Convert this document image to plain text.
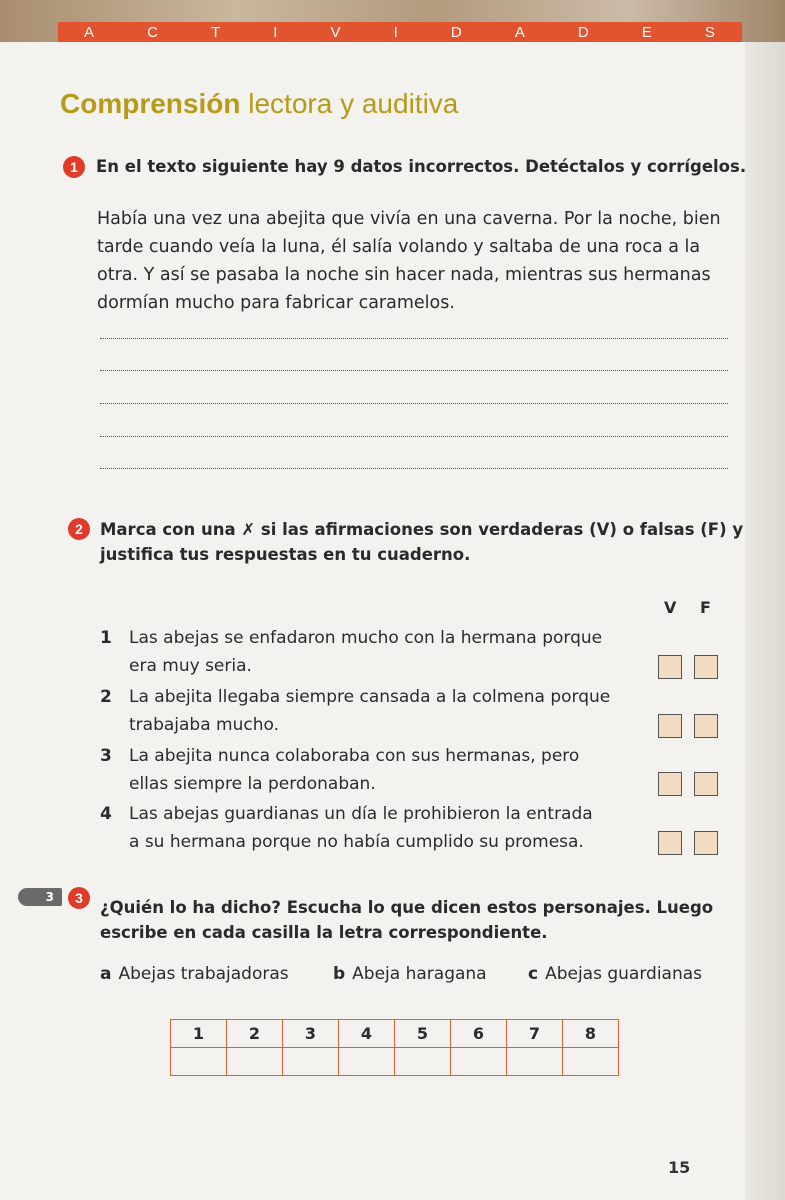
A	C	T	I	V	I	D	A	D	E	S
Comprensión lectora y auditiva
1	En el texto siguiente hay 9 datos incorrectos. Detéctalos y corrígelos.
Había una vez una abejita que vivía en una caverna. Por la noche, bien
tarde cuando veía la luna, él salía volando y saltaba de una roca a la
otra. Y así se pasaba la noche sin hacer nada, mientras sus hermanas
dormían mucho para fabricar caramelos.
2	Marca con una ✗ si las afirmaciones son verdaderas (V) o falsas (F) y
justifica tus respuestas en tu cuaderno.
V F
1 Las abejas se enfadaron mucho con la hermana porque
era muy seria.
2 La abejita llegaba siempre cansada a la colmena porque
trabajaba mucho.
3 La abejita nunca colaboraba con sus hermanas, pero
ellas siempre la perdonaban.
4 Las abejas guardianas un día le prohibieron la entrada
a su hermana porque no había cumplido su promesa.
3	3	¿Quién lo ha dicho? Escucha lo que dicen estos personajes. Luego
escribe en cada casilla la letra correspondiente.
a Abejas trabajadoras	b Abeja haragana c Abejas guardianas
1	2	3	4	5	6	7	8

15
